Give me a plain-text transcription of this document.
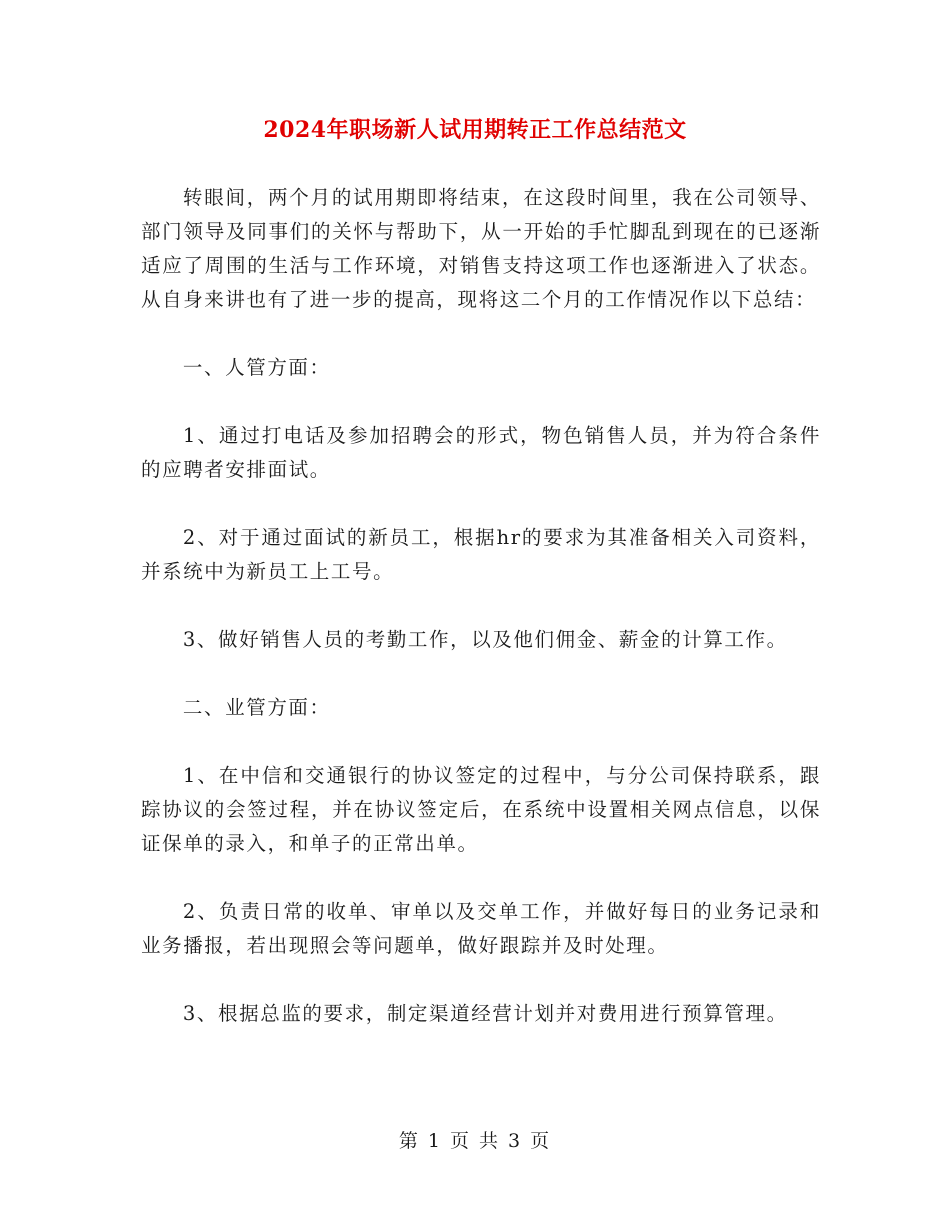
2024年职场新人试用期转正工作总结范文

转眼间，两个月的试用期即将结束，在这段时间里，我在公司领导、部门领导及同事们的关怀与帮助下，从一开始的手忙脚乱到现在的已逐渐适应了周围的生活与工作环境，对销售支持这项工作也逐渐进入了状态。从自身来讲也有了进一步的提高，现将这二个月的工作情况作以下总结：

一、人管方面：

1、通过打电话及参加招聘会的形式，物色销售人员，并为符合条件的应聘者安排面试。

2、对于通过面试的新员工，根据hr的要求为其准备相关入司资料，并系统中为新员工上工号。

3、做好销售人员的考勤工作，以及他们佣金、薪金的计算工作。

二、业管方面：

1、在中信和交通银行的协议签定的过程中，与分公司保持联系，跟踪协议的会签过程，并在协议签定后，在系统中设置相关网点信息，以保证保单的录入，和单子的正常出单。

2、负责日常的收单、审单以及交单工作，并做好每日的业务记录和业务播报，若出现照会等问题单，做好跟踪并及时处理。

3、根据总监的要求，制定渠道经营计划并对费用进行预算管理。

第 1 页 共 3 页
